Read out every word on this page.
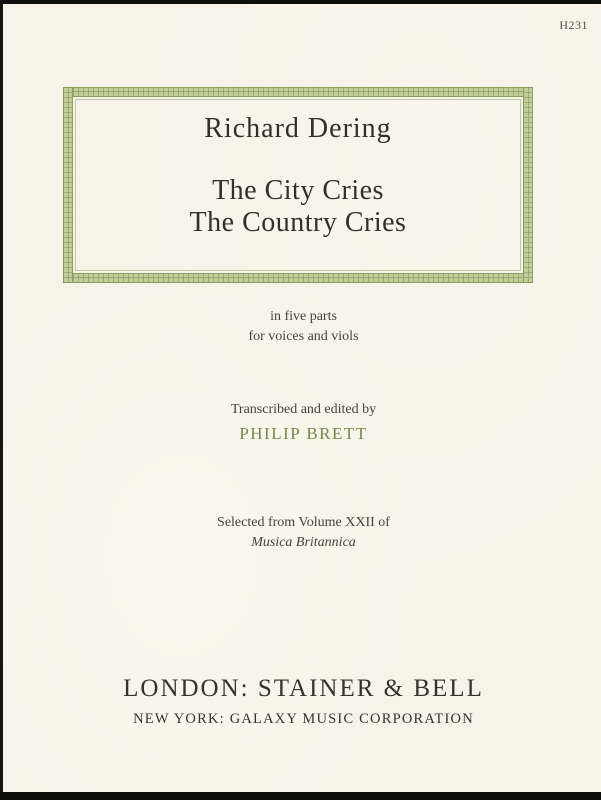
H231
Richard Dering
The City Cries
The Country Cries
in five parts
for voices and viols
Transcribed and edited by
PHILIP BRETT
Selected from Volume XXII of
Musica Britannica
LONDON: STAINER & BELL
NEW YORK: GALAXY MUSIC CORPORATION
